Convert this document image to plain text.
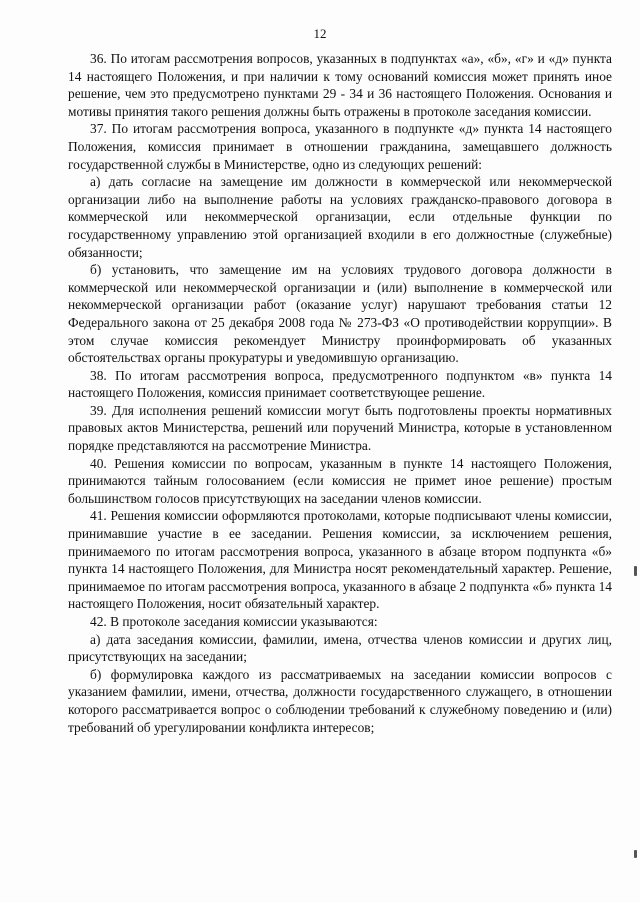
12

36. По итогам рассмотрения вопросов, указанных в подпунктах «а», «б», «г» и «д» пункта 14 настоящего Положения, и при наличии к тому оснований комиссия может принять иное решение, чем это предусмотрено пунктами 29 - 34 и 36 настоящего Положения. Основания и мотивы принятия такого решения должны быть отражены в протоколе заседания комиссии.

37. По итогам рассмотрения вопроса, указанного в подпункте «д» пункта 14 настоящего Положения, комиссия принимает в отношении гражданина, замещавшего должность государственной службы в Министерстве, одно из следующих решений:

а) дать согласие на замещение им должности в коммерческой или некоммерческой организации либо на выполнение работы на условиях гражданско-правового договора в коммерческой или некоммерческой организации, если отдельные функции по государственному управлению этой организацией входили в его должностные (служебные) обязанности;

б) установить, что замещение им на условиях трудового договора должности в коммерческой или некоммерческой организации и (или) выполнение в коммерческой или некоммерческой организации работ (оказание услуг) нарушают требования статьи 12 Федерального закона от 25 декабря 2008 года № 273-ФЗ «О противодействии коррупции». В этом случае комиссия рекомендует Министру проинформировать об указанных обстоятельствах органы прокуратуры и уведомившую организацию.

38. По итогам рассмотрения вопроса, предусмотренного подпунктом «в» пункта 14 настоящего Положения, комиссия принимает соответствующее решение.

39. Для исполнения решений комиссии могут быть подготовлены проекты нормативных правовых актов Министерства, решений или поручений Министра, которые в установленном порядке представляются на рассмотрение Министра.

40. Решения комиссии по вопросам, указанным в пункте 14 настоящего Положения, принимаются тайным голосованием (если комиссия не примет иное решение) простым большинством голосов присутствующих на заседании членов комиссии.

41. Решения комиссии оформляются протоколами, которые подписывают члены комиссии, принимавшие участие в ее заседании. Решения комиссии, за исключением решения, принимаемого по итогам рассмотрения вопроса, указанного в абзаце втором подпункта «б» пункта 14 настоящего Положения, для Министра носят рекомендательный характер. Решение, принимаемое по итогам рассмотрения вопроса, указанного в абзаце 2 подпункта «б» пункта 14 настоящего Положения, носит обязательный характер.

42. В протоколе заседания комиссии указываются:

а) дата заседания комиссии, фамилии, имена, отчества членов комиссии и других лиц, присутствующих на заседании;

б) формулировка каждого из рассматриваемых на заседании комиссии вопросов с указанием фамилии, имени, отчества, должности государственного служащего, в отношении которого рассматривается вопрос о соблюдении требований к служебному поведению и (или) требований об урегулировании конфликта интересов;
